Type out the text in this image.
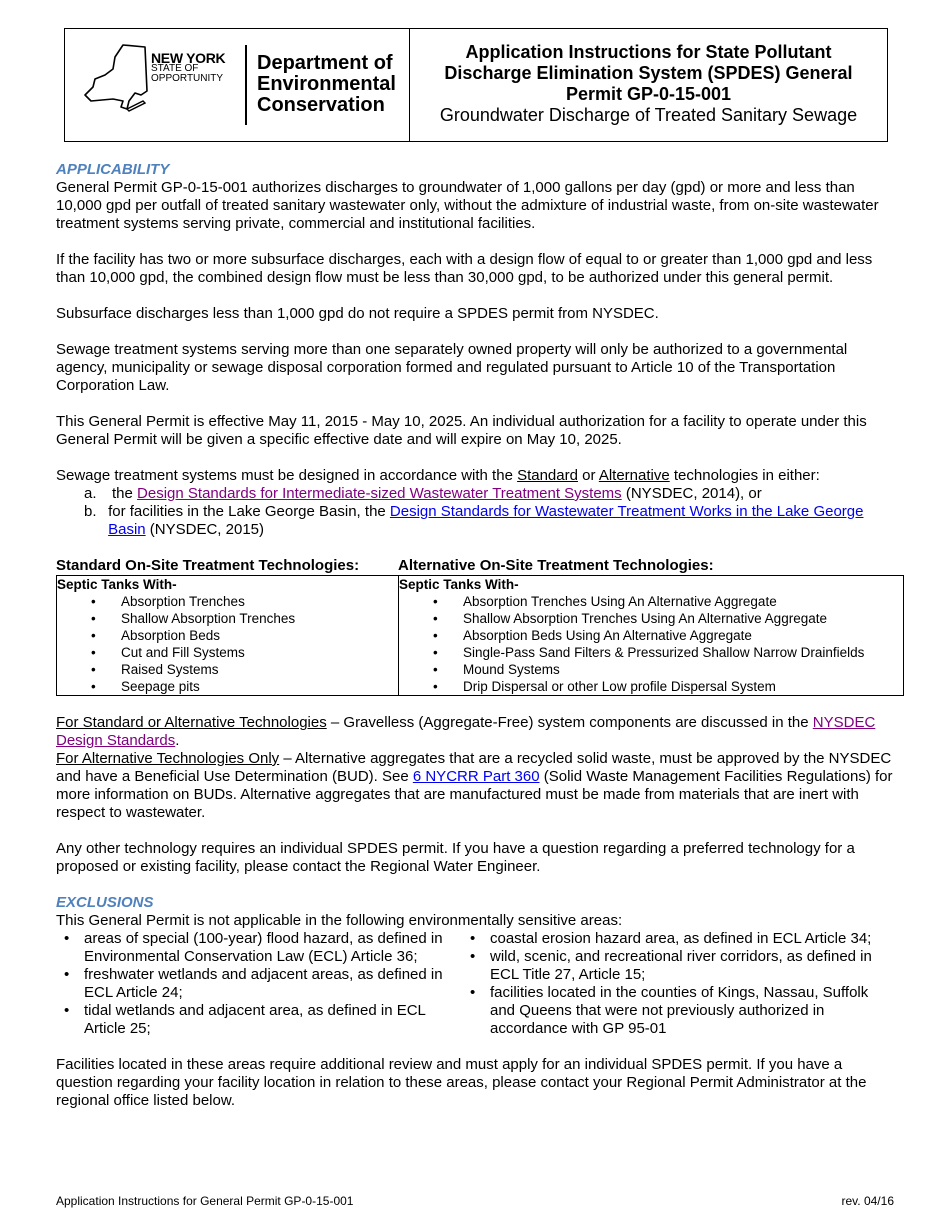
NEW YORK
STATE OF
OPPORTUNITY
Department of
Environmental
Conservation
Application Instructions for State Pollutant
Discharge Elimination System (SPDES) General
Permit GP-0-15-001
Groundwater Discharge of Treated Sanitary Sewage
APPLICABILITY

General Permit GP-0-15-001 authorizes discharges to groundwater of 1,000 gallons per day (gpd) or more and less than 10,000 gpd per outfall of treated sanitary wastewater only, without the admixture of industrial waste, from on-site wastewater treatment systems serving private, commercial and institutional facilities.

If the facility has two or more subsurface discharges, each with a design flow of equal to or greater than 1,000 gpd and less than 10,000 gpd, the combined design flow must be less than 30,000 gpd, to be authorized under this general permit.

Subsurface discharges less than 1,000 gpd do not require a SPDES permit from NYSDEC.

Sewage treatment systems serving more than one separately owned property will only be authorized to a governmental agency, municipality or sewage disposal corporation formed and regulated pursuant to Article 10 of the Transportation Corporation Law.

This General Permit is effective May 11, 2015 - May 10, 2025. An individual authorization for a facility to operate under this General Permit will be given a specific effective date and will expire on May 10, 2025.

Sewage treatment systems must be designed in accordance with the Standard or Alternative technologies in either:

a.	the Design Standards for Intermediate-sized Wastewater Treatment Systems (NYSDEC, 2014), or
b. for facilities in the Lake George Basin, the Design Standards for Wastewater Treatment Works in the Lake George Basin (NYSDEC, 2015)
Standard On-Site Treatment Technologies:	Alternative On-Site Treatment Technologies:
Septic Tanks With-
• Absorption Trenches
• Shallow Absorption Trenches
• Absorption Beds
• Cut and Fill Systems
• Raised Systems
• Seepage pits
Septic Tanks With-
• Absorption Trenches Using An Alternative Aggregate
• Shallow Absorption Trenches Using An Alternative Aggregate
• Absorption Beds Using An Alternative Aggregate
• Single-Pass Sand Filters & Pressurized Shallow Narrow Drainfields
• Mound Systems
• Drip Dispersal or other Low profile Dispersal System

For Standard or Alternative Technologies – Gravelless (Aggregate-Free) system components are discussed in the NYSDEC Design Standards.

For Alternative Technologies Only – Alternative aggregates that are a recycled solid waste, must be approved by the NYSDEC and have a Beneficial Use Determination (BUD). See 6 NYCRR Part 360 (Solid Waste Management Facilities Regulations) for more information on BUDs. Alternative aggregates that are manufactured must be made from materials that are inert with respect to wastewater.

Any other technology requires an individual SPDES permit. If you have a question regarding a preferred technology for a proposed or existing facility, please contact the Regional Water Engineer.

EXCLUSIONS

This General Permit is not applicable in the following environmentally sensitive areas:

• areas of special (100-year) flood hazard, as defined in Environmental Conservation Law (ECL) Article 36;
• freshwater wetlands and adjacent areas, as defined in ECL Article 24;
• tidal wetlands and adjacent area, as defined in ECL Article 25;
• coastal erosion hazard area, as defined in ECL Article 34;
• wild, scenic, and recreational river corridors, as defined in ECL Title 27, Article 15;
• facilities located in the counties of Kings, Nassau, Suffolk and Queens that were not previously authorized in accordance with GP 95-01

Facilities located in these areas require additional review and must apply for an individual SPDES permit. If you have a question regarding your facility location in relation to these areas, please contact your Regional Permit Administrator at the regional office listed below.

Application Instructions for General Permit GP-0-15-001	rev. 04/16
